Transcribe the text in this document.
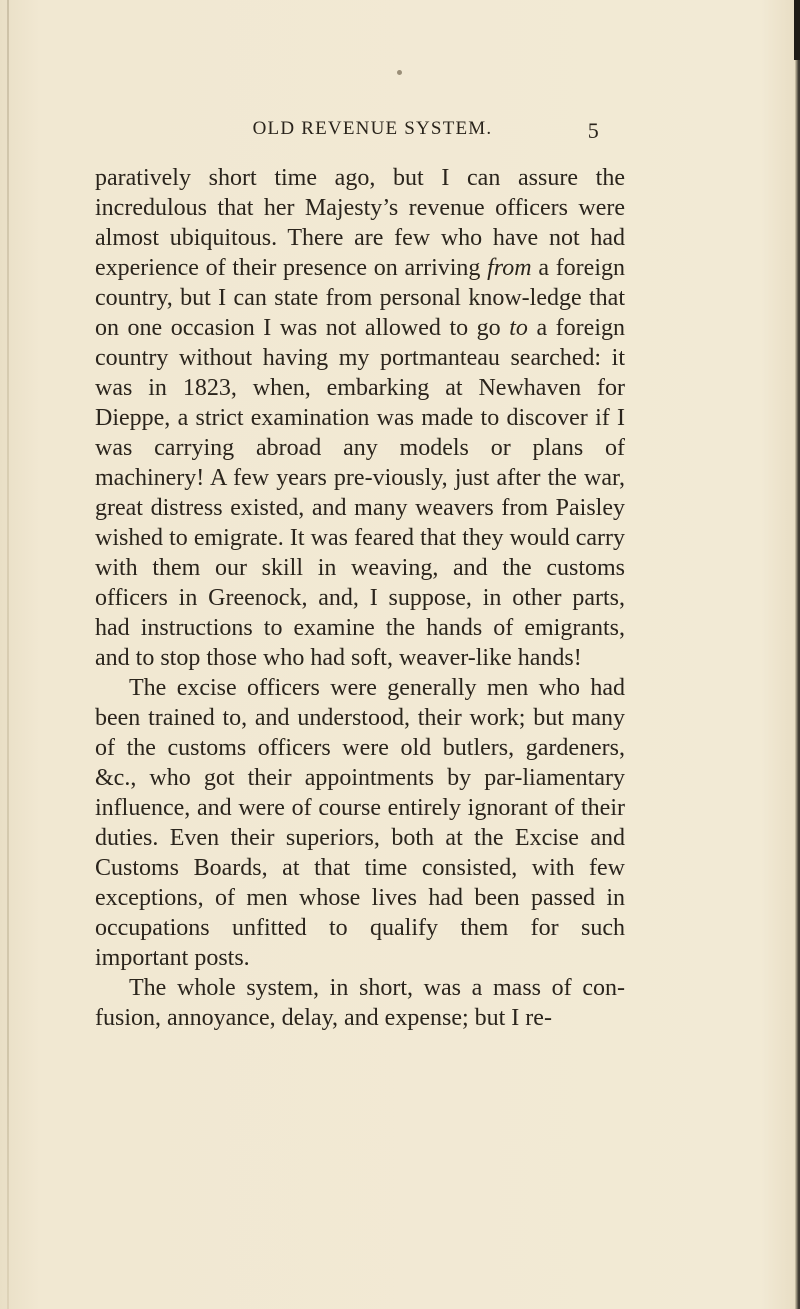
OLD REVENUE SYSTEM.	5

paratively short time ago, but I can assure the incredulous that her Majesty’s revenue officers were almost ubiquitous. There are few who have not had experience of their presence on arriving from a foreign country, but I can state from personal know-ledge that on one occasion I was not allowed to go to a foreign country without having my portmanteau searched: it was in 1823, when, embarking at Newhaven for Dieppe, a strict examination was made to discover if I was carrying abroad any models or plans of machinery! A few years pre-viously, just after the war, great distress existed, and many weavers from Paisley wished to emigrate. It was feared that they would carry with them our skill in weaving, and the customs officers in Greenock, and, I suppose, in other parts, had instructions to examine the hands of emigrants, and to stop those who had soft, weaver-like hands!

The excise officers were generally men who had been trained to, and understood, their work; but many of the customs officers were old butlers, gardeners, &c., who got their appointments by par-liamentary influence, and were of course entirely ignorant of their duties. Even their superiors, both at the Excise and Customs Boards, at that time consisted, with few exceptions, of men whose lives had been passed in occupations unfitted to qualify them for such important posts.

The whole system, in short, was a mass of con-fusion, annoyance, delay, and expense; but I re-
